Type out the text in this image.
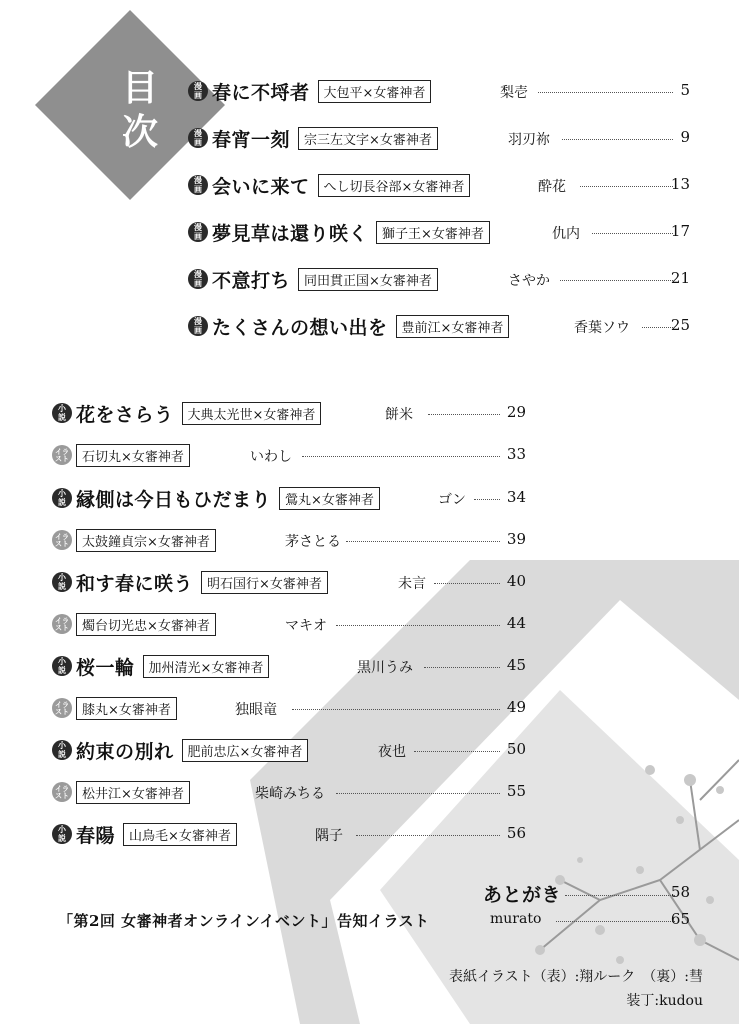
目次
漫
画 春に不埒者	大包平×女審神者	梨壱	5
漫
画 春宵一刻	宗三左文字×女審神者	羽刃祢	9
漫
画 会いに来て	へし切長谷部×女審神者	酔花	13
漫
画 夢見草は還り咲く	獅子王×女審神者	仇内	17
漫
画 不意打ち	同田貫正国×女審神者	さやか	21
漫
画 たくさんの想い出を	豊前江×女審神者	香葉ソウ	25
小
説 花をさらう	大典太光世×女審神者	餅米	29
イラ
スト	石切丸×女審神者	いわし	33
小
説 縁側は今日もひだまり	鶯丸×女審神者	ゴン	34
イラ
スト	太鼓鐘貞宗×女審神者	茅さとる	39
小
説 和す春に咲う	明石国行×女審神者	未言	40
イラ
スト	燭台切光忠×女審神者	マキオ	44
小
説 桜一輪	加州清光×女審神者	黒川うみ	45
イラ
スト	膝丸×女審神者	独眼竜	49
小
説 約束の別れ	肥前忠広×女審神者	夜也	50
イラ
スト	松井江×女審神者	柴崎みちる	55
小
説 春陽	山鳥毛×女審神者	隅子	56
あとがき	58
「第2回 女審神者オンラインイベント」告知イラスト	murato	65
表紙イラスト（表）:翔ルーク　（裏）:彗
装丁:kudou
